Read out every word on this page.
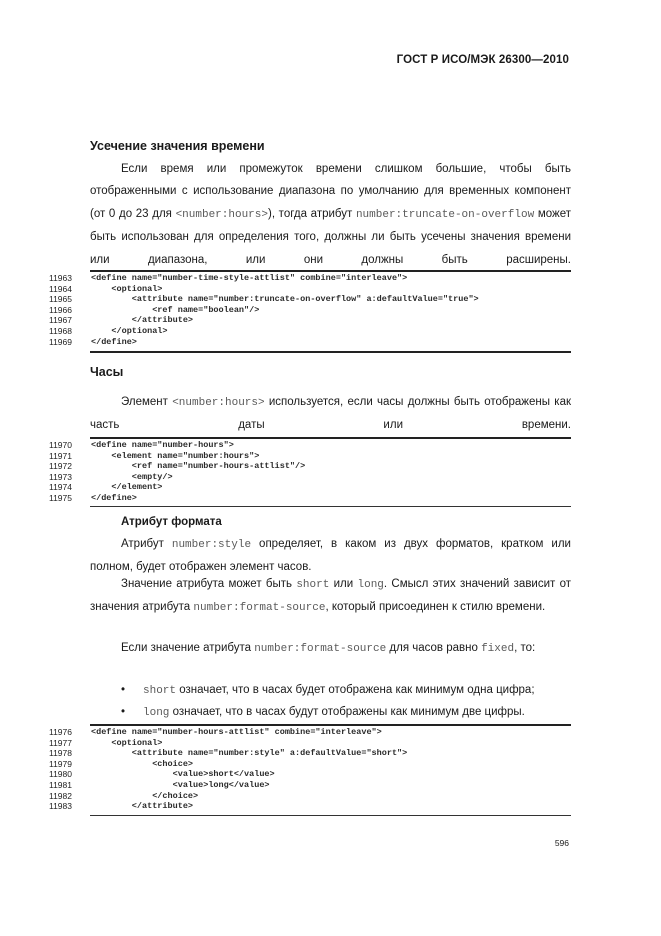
ГОСТ Р ИСО/МЭК 26300—2010
Усечение значения времени
Если время или промежуток времени слишком большие, чтобы быть отображенными с использование диапазона по умолчанию для временных компонент (от 0 до 23 для <number:hours>), тогда атрибут number:truncate-on-overflow может быть использован для определения того, должны ли быть усечены значения времени или диапазона, или они должны быть расширены.
11963
11964
11965
11966
11967
11968
11969
<define name="number-time-style-attlist" combine="interleave">
<optional>
<attribute name="number:truncate-on-overflow" a:defaultValue="true">
<ref name="boolean"/>
</attribute>
</optional>
</define>
Часы
Элемент <number:hours> используется, если часы должны быть отображены как часть даты или времени.
11970
11971
11972
11973
11974
11975
<define name="number-hours">
<element name="number:hours">
<ref name="number-hours-attlist"/>
<empty/>
</element>
</define>
Атрибут формата
Атрибут number:style определяет, в каком из двух форматов, кратком или полном, будет отображен элемент часов.
Значение атрибута может быть short или long. Смысл этих значений зависит от значения атрибута number:format-source, который присоединен к стилю времени.
Если значение атрибута number:format-source для часов равно fixed, то:
• short означает, что в часах будет отображена как минимум одна цифра;
• long означает, что в часах будут отображены как минимум две цифры.
11976
11977
11978
11979
11980
11981
11982
11983
<define name="number-hours-attlist" combine="interleave">
<optional>
<attribute name="number:style" a:defaultValue="short">
<choice>
<value>short</value>
<value>long</value>
</choice>
</attribute>
596
